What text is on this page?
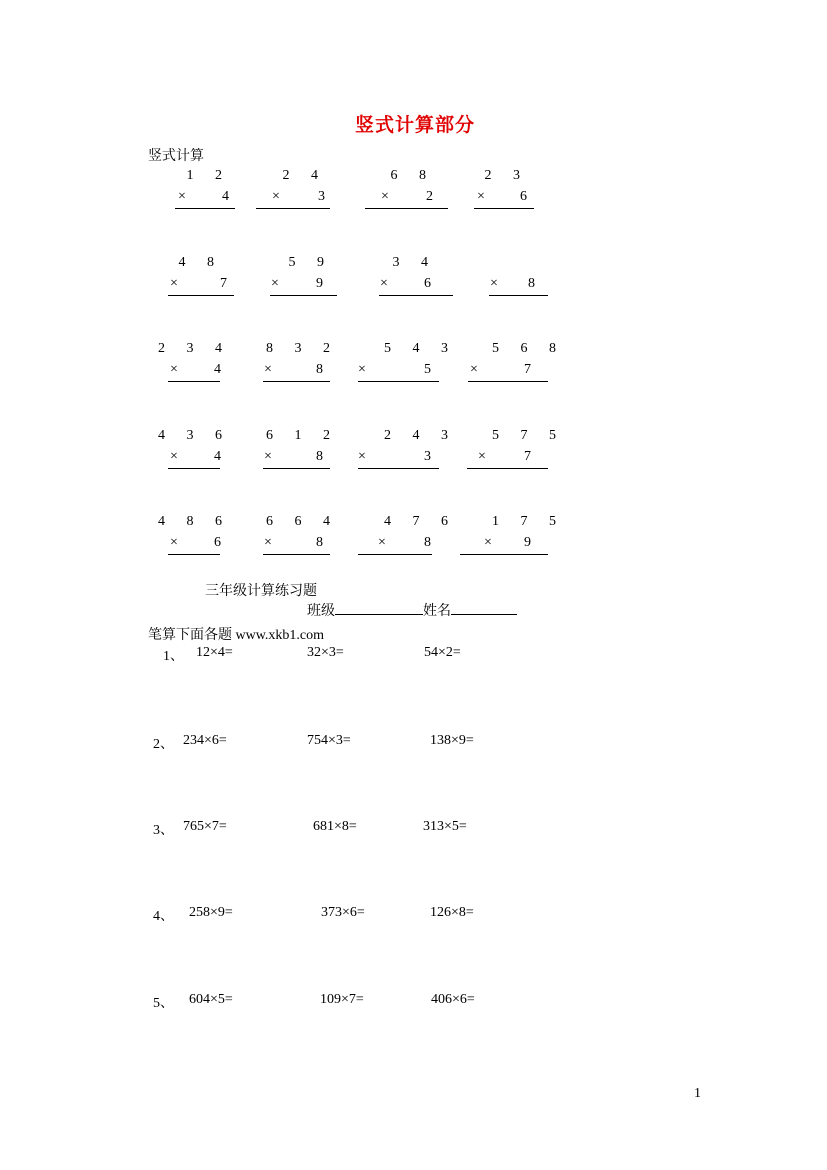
竖式计算部分
竖式计算
1 2
×	4
2 4
×	3
6 8
×	2
2 3
×	6
4 8
×	7
5 9
×	9
3 4
×	6	× 8
2 3 4
×	4
8 3 2
×	8
5 4 3
×	5
5 6 8
×	7
4 3 6
×	4
6 1 2
×	8
2 4 3
×	3
5 7 5
×	7
4 8 6
×	6
6 6 4
×	8
4 7 6
×	8
1 7 5
× 9
三年级计算练习题
班级	姓名
笔算下面各题 www.xkb1.com
1、 12×4=	32×3=	54×2=
2、 234×6=	754×3=	138×9=
3、 765×7=	681×8=	313×5=
4、 258×9=	373×6=	126×8=
5、 604×5=	109×7=	406×6=
1
